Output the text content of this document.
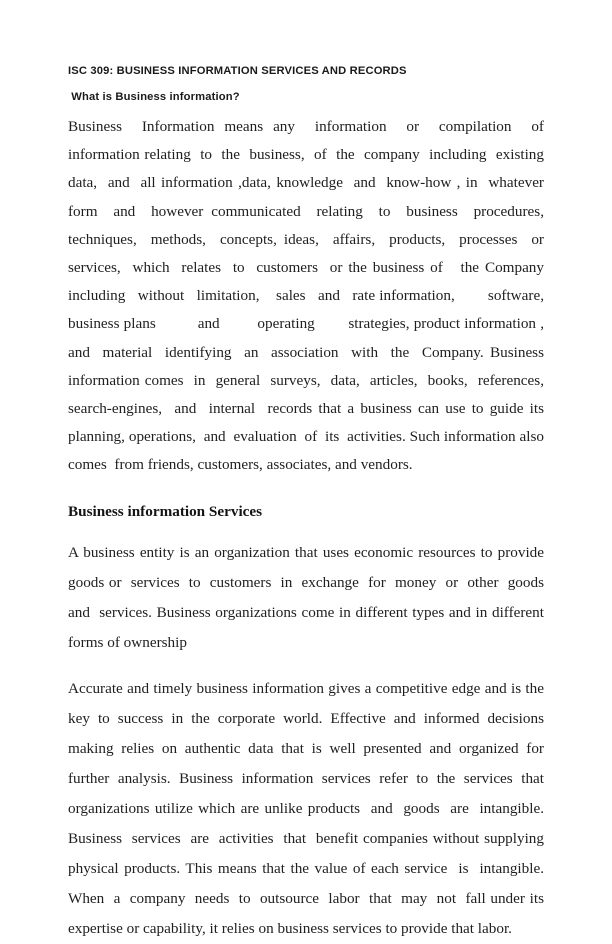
ISC 309: BUSINESS INFORMATION SERVICES AND RECORDS
What is Business information?

Business  Information means any  information  or  compilation  of  information relating  to  the  business,  of  the  company  including  existing  data,  and  all information ,data, knowledge  and  know-how , in  whatever  form  and  however communicated  relating  to  business  procedures,  techniques,  methods,  concepts, ideas,  affairs,  products,  processes  or  services,  which  relates  to  customers  or the business of   the Company including   without   limitation,    sales   and   rate information,        software, business plans          and         operating        strategies, product information , and  material  identifying  an  association  with  the  Company. Business information comes  in  general  surveys,  data,  articles,  books,  references, search-engines,  and  internal  records that a business can use to guide its planning, operations,  and  evaluation  of  its  activities. Such information also  comes  from friends, customers, associates, and vendors.

Business information Services

A business entity is an organization that uses economic resources to provide goods or  services  to  customers  in  exchange  for  money  or  other  goods  and  services. Business organizations come in different types and in different forms of ownership

Accurate and timely business information gives a competitive edge and is the key to success in the corporate world. Effective and informed decisions  making relies on authentic data that is well presented and organized for further analysis. Business information services refer to the services that organizations utilize which are unlike products  and  goods  are  intangible.  Business  services  are  activities  that  benefit companies without supplying physical products. This means that the value of each service  is  intangible.  When  a  company  needs  to  outsource  labor  that  may  not  fall under its expertise or capability, it relies on business services to provide that labor.
